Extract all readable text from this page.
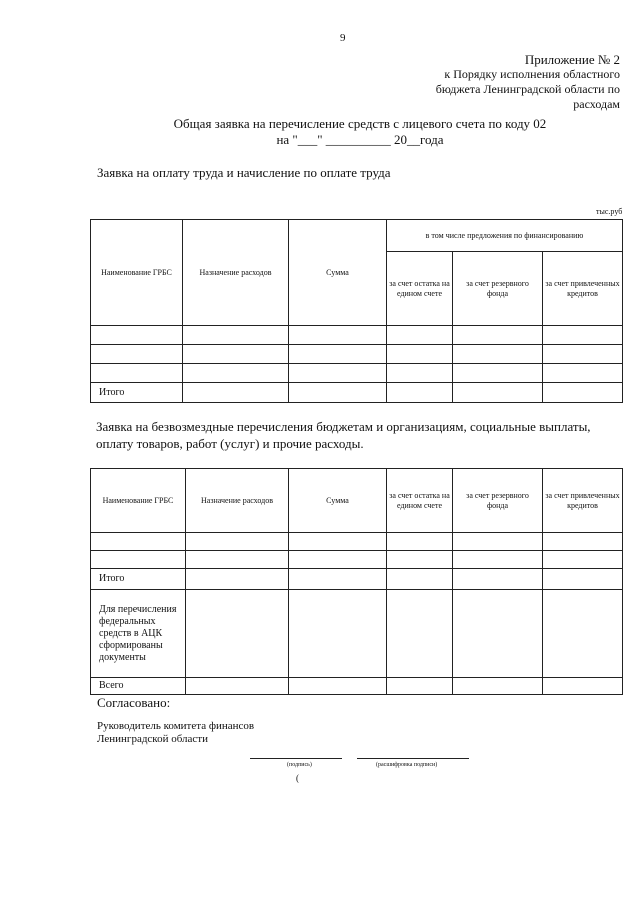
9
Приложение № 2
к Порядку исполнения областного
бюджета Ленинградской области по
расходам
Общая заявка на перечисление средств с лицевого счета по коду 02
на "___" __________ 20__года
Заявка на оплату труда и начисление по оплате труда
тыс.руб
Наименование ГРБС	Назначение расходов	Сумма	в том числе предложения по финансированию		
			за счет остатка на едином счете	за счет резервного фонда	за счет привлеченных кредитов

Итого					
Заявка на безвозмездные перечисления бюджетам и организациям, социальные выплаты, оплату товаров, работ (услуг) и прочие расходы.
Наименование ГРБС	Назначение расходов	Сумма	за счет остатка на едином счете	за счет резервного фонда	за счет привлеченных кредитов

Итого					
Для перечисления федеральных средств в АЦК сформированы документы					
Всего					
Согласовано:
Руководитель комитета финансов Ленинградской области
(подпись)	(расшифровка подписи)
(
